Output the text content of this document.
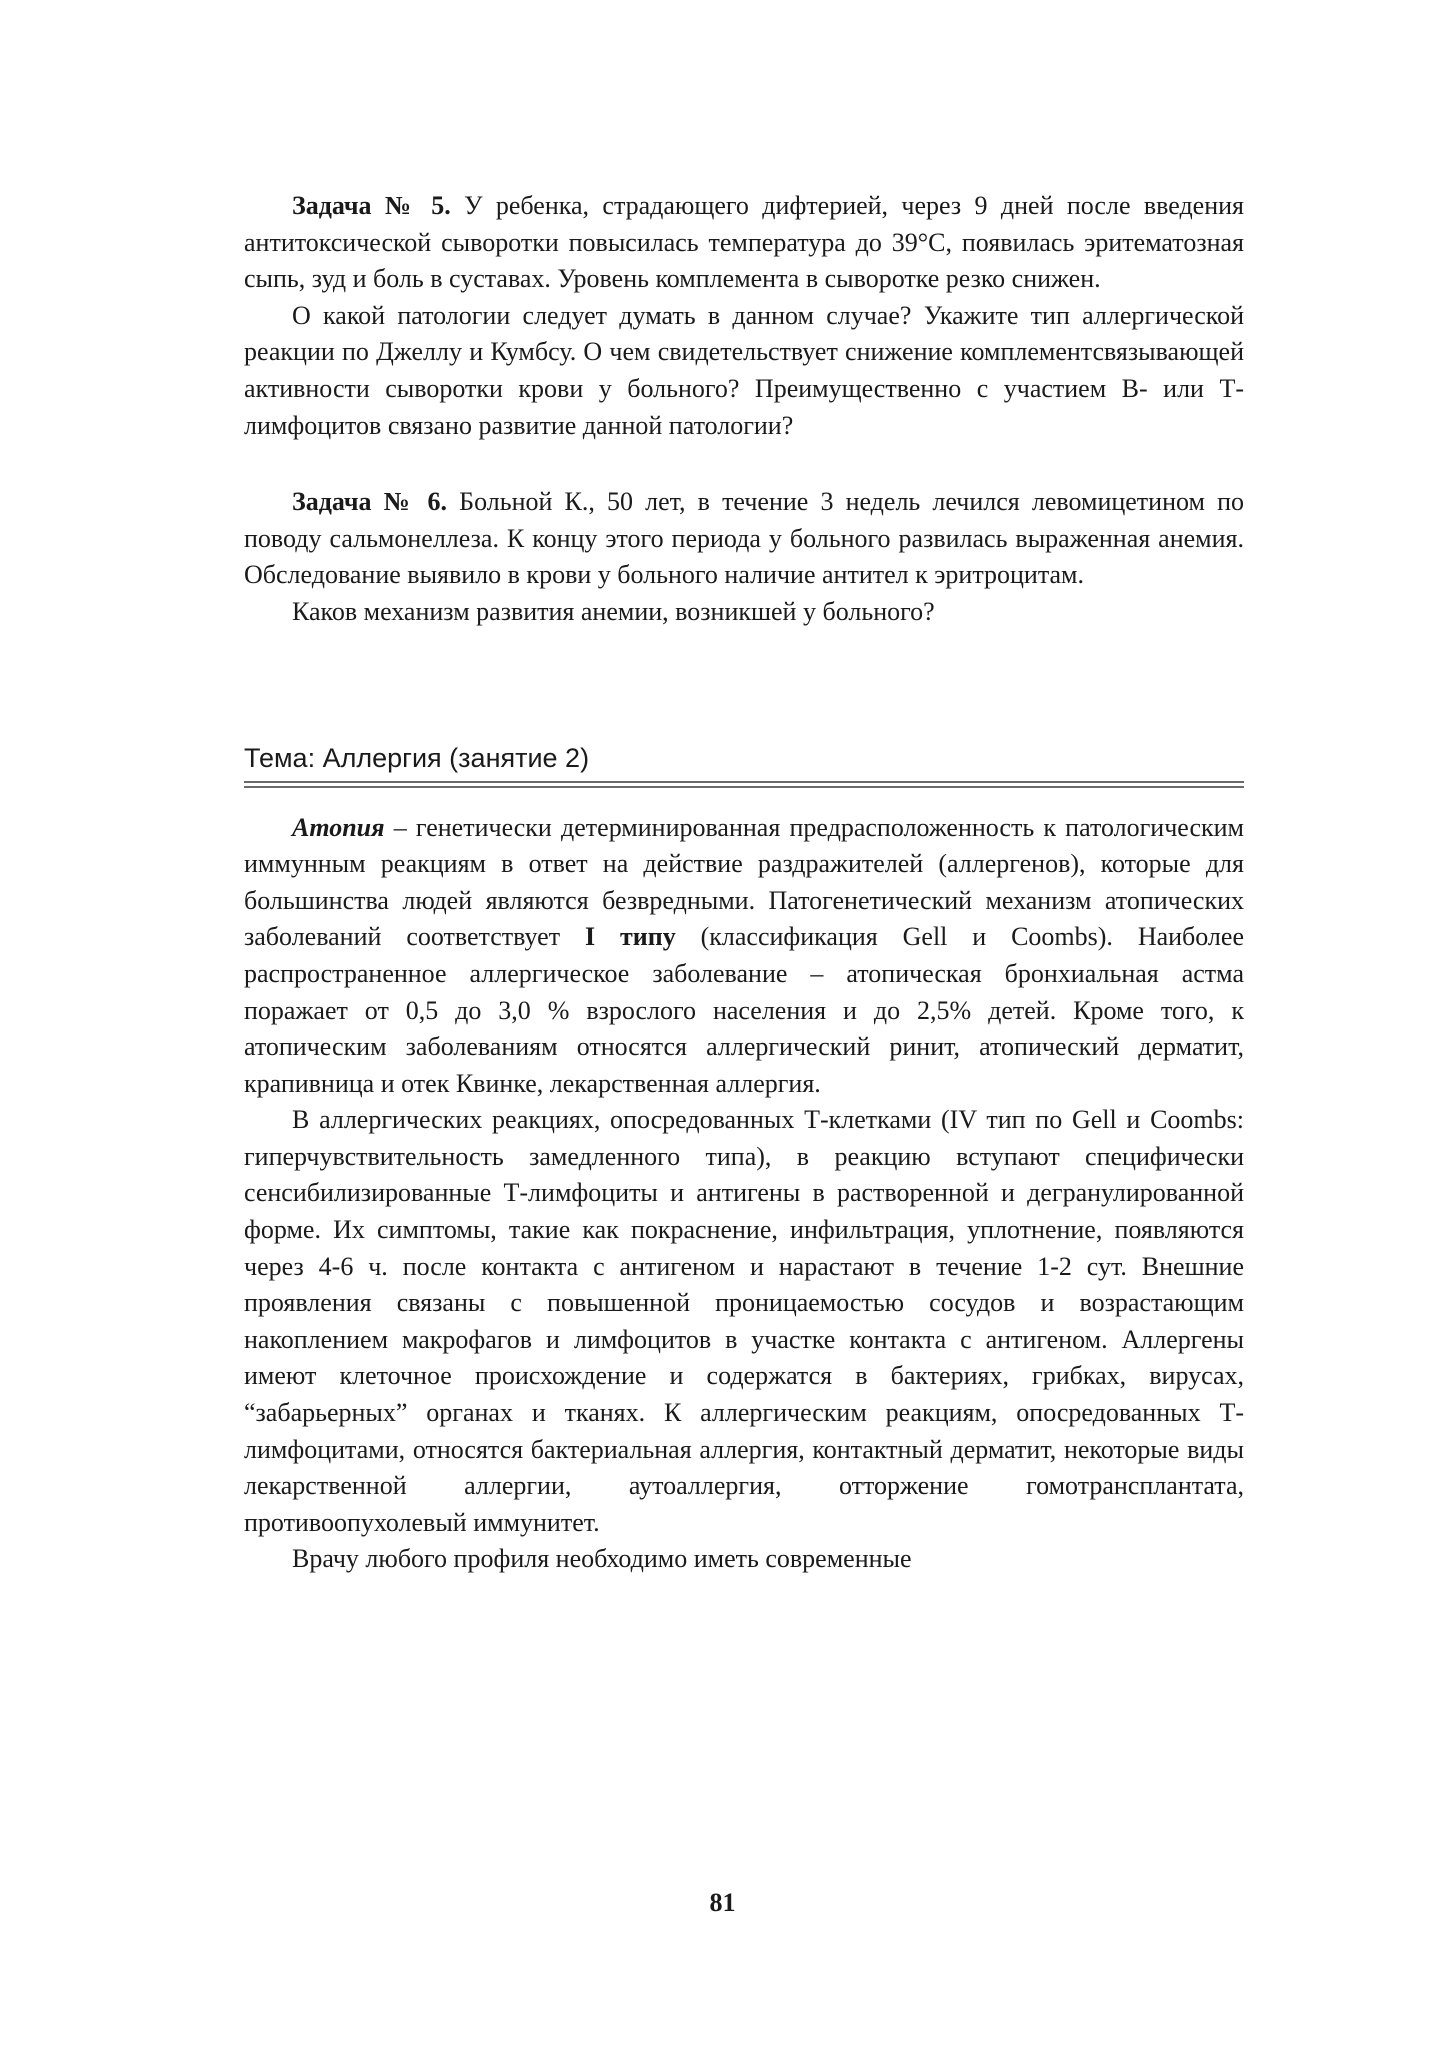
Задача № 5. У ребенка, страдающего дифтерией, через 9 дней после введения антитоксической сыворотки повысилась температура до 39°С, появилась эритематозная сыпь, зуд и боль в суставах. Уровень комплемента в сыворотке резко снижен.

О какой патологии следует думать в данном случае? Укажите тип аллергической реакции по Джеллу и Кумбсу. О чем свидетельствует снижение комплементсвязывающей активности сыворотки крови у больного? Преимущественно с участием В- или Т-лимфоцитов связано развитие данной патологии?

Задача № 6. Больной К., 50 лет, в течение 3 недель лечился левомицетином по поводу сальмонеллеза. К концу этого периода у больного развилась выраженная анемия. Обследование выявило в крови у больного наличие антител к эритроцитам.

Каков механизм развития анемии, возникшей у больного?

Тема: Аллергия (занятие 2)

Атопия – генетически детерминированная предрасположенность к патологическим иммунным реакциям в ответ на действие раздражителей (аллергенов), которые для большинства людей являются безвредными. Патогенетический механизм атопических заболеваний соответствует I типу (классификация Gell и Coombs). Наиболее распространенное аллергическое заболевание – атопическая бронхиальная астма поражает от 0,5 до 3,0 % взрослого населения и до 2,5% детей. Кроме того, к атопическим заболеваниям относятся аллергический ринит, атопический дерматит, крапивница и отек Квинке, лекарственная аллергия.

В аллергических реакциях, опосредованных Т-клетками (IV тип по Gell и Coombs: гиперчувствительность замедленного типа), в реакцию вступают специфически сенсибилизированные Т-лимфоциты и антигены в растворенной и дегранулированной форме. Их симптомы, такие как покраснение, инфильтрация, уплотнение, появляются через 4-6 ч. после контакта с антигеном и нарастают в течение 1-2 сут. Внешние проявления связаны с повышенной проницаемостью сосудов и возрастающим накоплением макрофагов и лимфоцитов в участке контакта с антигеном. Аллергены имеют клеточное происхождение и содержатся в бактериях, грибках, вирусах, “забарьерных” органах и тканях. К аллергическим реакциям, опосредованных Т-лимфоцитами, относятся бактериальная аллергия, контактный дерматит, некоторые виды лекарственной аллергии, аутоаллергия, отторжение гомотрансплантата, противоопухолевый иммунитет.

Врачу любого профиля необходимо иметь современные

81
